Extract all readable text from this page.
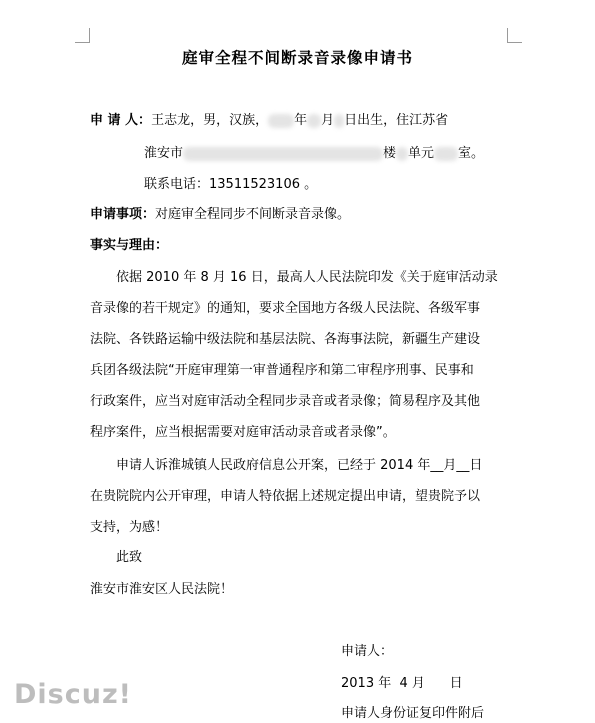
庭审全程不间断录音录像申请书
申 请 人：王志龙，男，汉族， 年 月 日出生，住江苏省
淮安市	楼 单元 室。
联系电话：13511523106 。
申请事项：对庭审全程同步不间断录音录像。
事实与理由：
依据 2010 年 8 月 16 日，最高人人民法院印发《关于庭审活动录
音录像的若干规定》的通知，要求全国地方各级人民法院、各级军事
法院、各铁路运输中级法院和基层法院、各海事法院，新疆生产建设
兵团各级法院“开庭审理第一审普通程序和第二审程序刑事、民事和
行政案件，应当对庭审活动全程同步录音或者录像；简易程序及其他
程序案件，应当根据需要对庭审活动录音或者录像”。
申请人诉淮城镇人民政府信息公开案，已经于 2014 年__月__日
在贵院院内公开审理，申请人特依据上述规定提出申请，望贵院予以
支持，为感！
此致
淮安市淮安区人民法院！
申请人：
2013 年  4 月      日
申请人身份证复印件附后
Discuz!
